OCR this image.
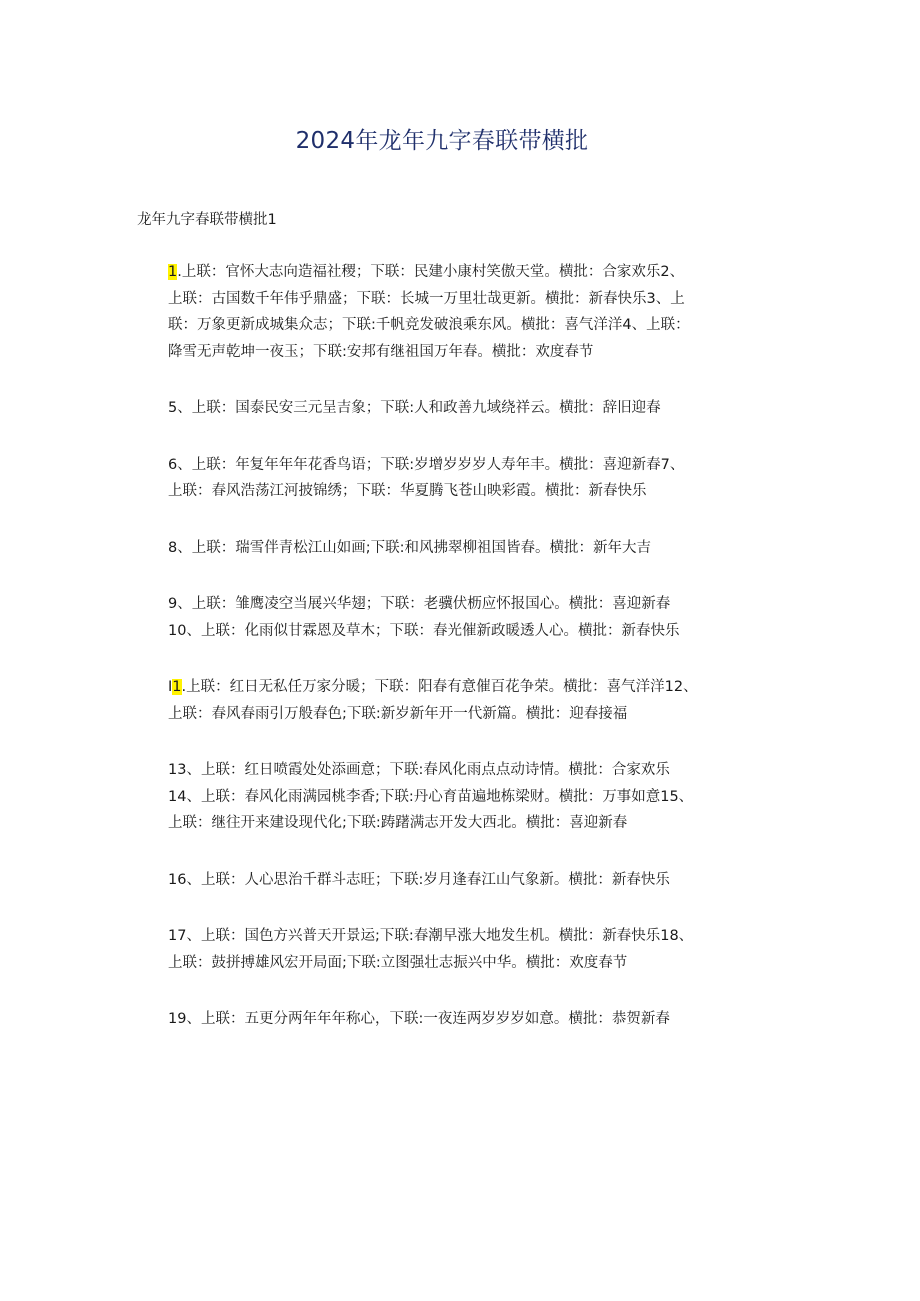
2024年龙年九字春联带横批

龙年九字春联带横批1

1.上联：官怀大志向造福社稷；下联：民建小康村笑傲天堂。横批：合家欢乐2、
上联：古国数千年伟乎鼎盛；下联：长城一万里壮哉更新。横批：新春快乐3、上
联：万象更新成城集众志；下联:千帆竞发破浪乘东风。横批：喜气洋洋4、上联：
降雪无声乾坤一夜玉；下联:安邦有继祖国万年春。横批：欢度春节

5、上联：国泰民安三元呈吉象；下联:人和政善九域绕祥云。横批：辞旧迎春

6、上联：年复年年年花香鸟语；下联:岁增岁岁岁人寿年丰。横批：喜迎新春7、
上联：春风浩荡江河披锦绣；下联：华夏腾飞苍山映彩霞。横批：新春快乐

8、上联：瑞雪伴青松江山如画;下联:和风拂翠柳祖国皆春。横批：新年大吉

9、上联：雏鹰凌空当展兴华翅；下联：老骥伏枥应怀报国心。横批：喜迎新春
10、上联：化雨似甘霖恩及草木；下联：春光催新政暖透人心。横批：新春快乐

I1.上联：红日无私任万家分暖；下联：阳春有意催百花争荣。横批：喜气洋洋12、
上联：春风春雨引万般春色;下联:新岁新年开一代新篇。横批：迎春接福

13、上联：红日喷霞处处添画意；下联:春风化雨点点动诗情。横批：合家欢乐
14、上联：春风化雨满园桃李香;下联:丹心育苗遍地栋梁财。横批：万事如意15、
上联：继往开来建设现代化;下联:踌躇满志开发大西北。横批：喜迎新春

16、上联：人心思治千群斗志旺；下联:岁月逢春江山气象新。横批：新春快乐

17、上联：国色方兴普天开景运;下联:春潮早涨大地发生机。横批：新春快乐18、
上联：鼓拼搏雄风宏开局面;下联:立图强壮志振兴中华。横批：欢度春节

19、上联：五更分两年年年称心，下联:一夜连两岁岁岁如意。横批：恭贺新春
